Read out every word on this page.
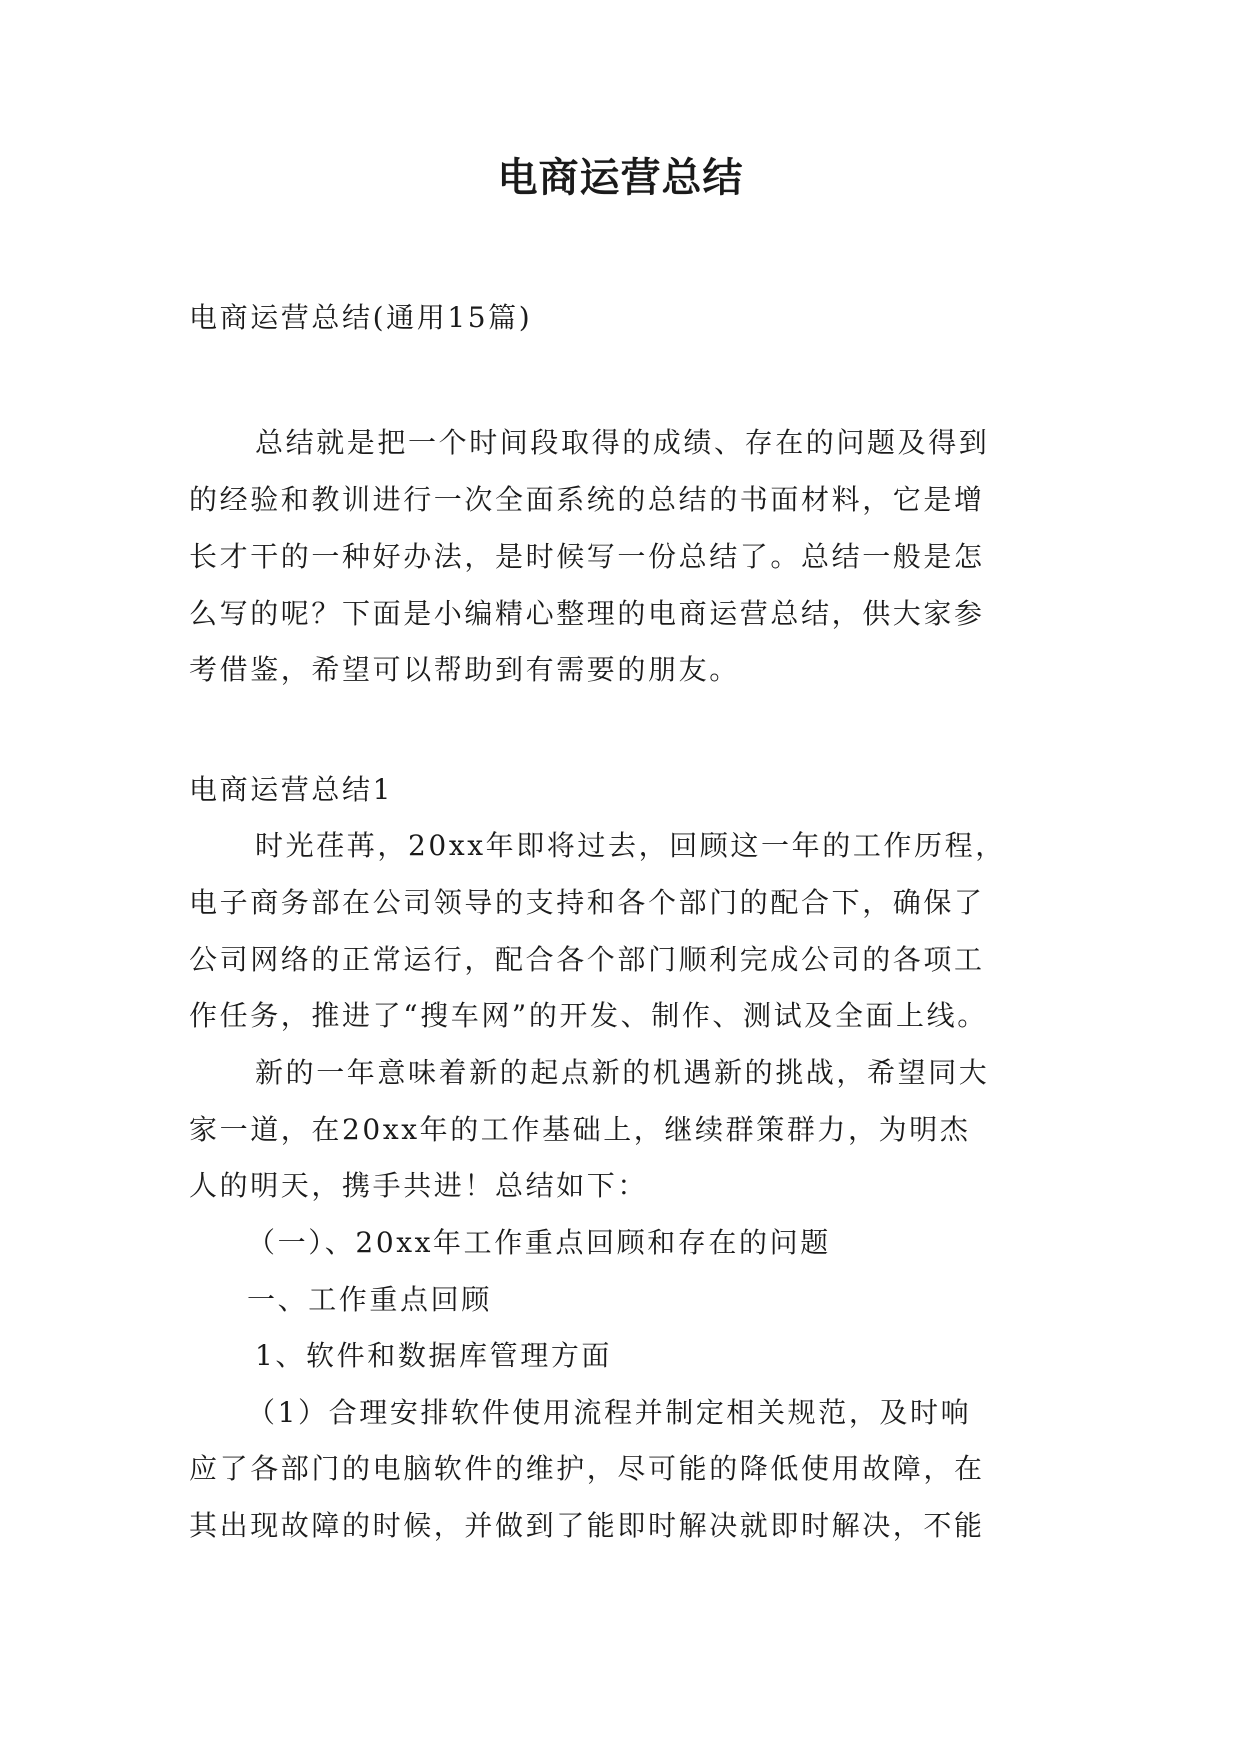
电商运营总结

电商运营总结(通用15篇)

总结就是把一个时间段取得的成绩、存在的问题及得到

的经验和教训进行一次全面系统的总结的书面材料，它是增

长才干的一种好办法，是时候写一份总结了。总结一般是怎

么写的呢？下面是小编精心整理的电商运营总结，供大家参

考借鉴，希望可以帮助到有需要的朋友。

电商运营总结1

时光荏苒，20xx年即将过去，回顾这一年的工作历程，

电子商务部在公司领导的支持和各个部门的配合下，确保了

公司网络的正常运行，配合各个部门顺利完成公司的各项工

作任务，推进了“搜车网”的开发、制作、测试及全面上线。

新的一年意味着新的起点新的机遇新的挑战，希望同大

家一道，在20xx年的工作基础上，继续群策群力，为明杰

人的明天，携手共进！总结如下：

（一）、20xx年工作重点回顾和存在的问题

一、工作重点回顾

1、软件和数据库管理方面

（1）合理安排软件使用流程并制定相关规范，及时响

应了各部门的电脑软件的维护，尽可能的降低使用故障，在

其出现故障的时候，并做到了能即时解决就即时解决，不能
